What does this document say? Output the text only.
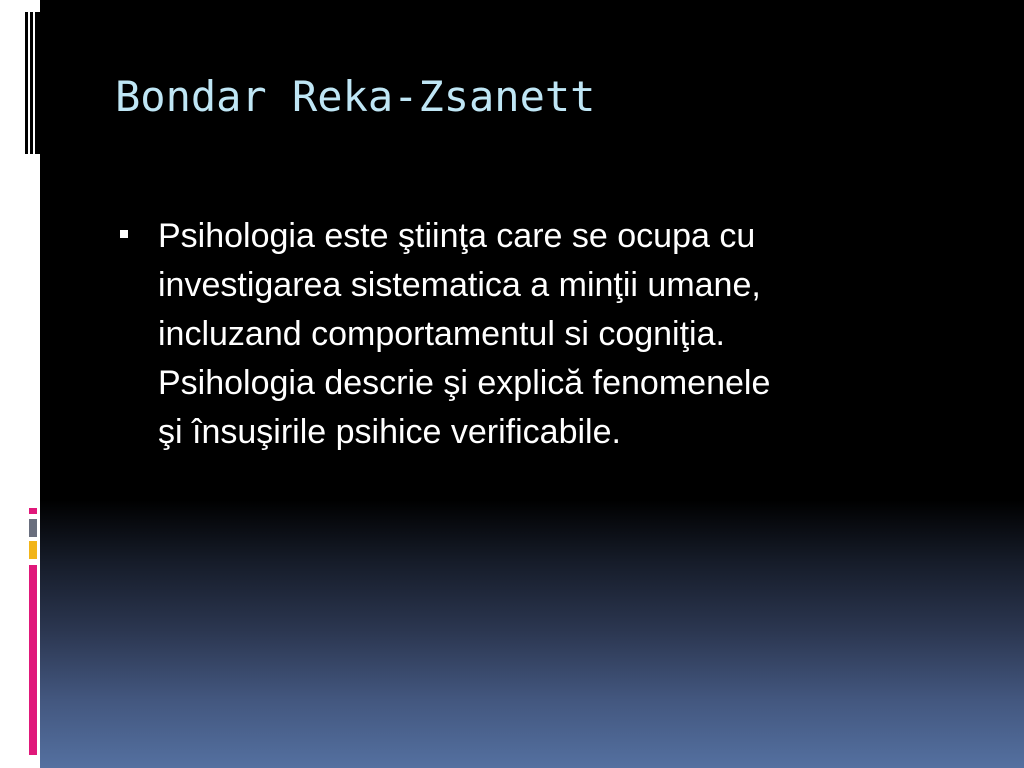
Bondar Reka-Zsanett
Psihologia este ştiinţa care se ocupa cu
investigarea sistematica a minţii umane,
incluzand comportamentul si cogniţia.
Psihologia descrie şi explică fenomenele
şi însuşirile psihice verificabile.
